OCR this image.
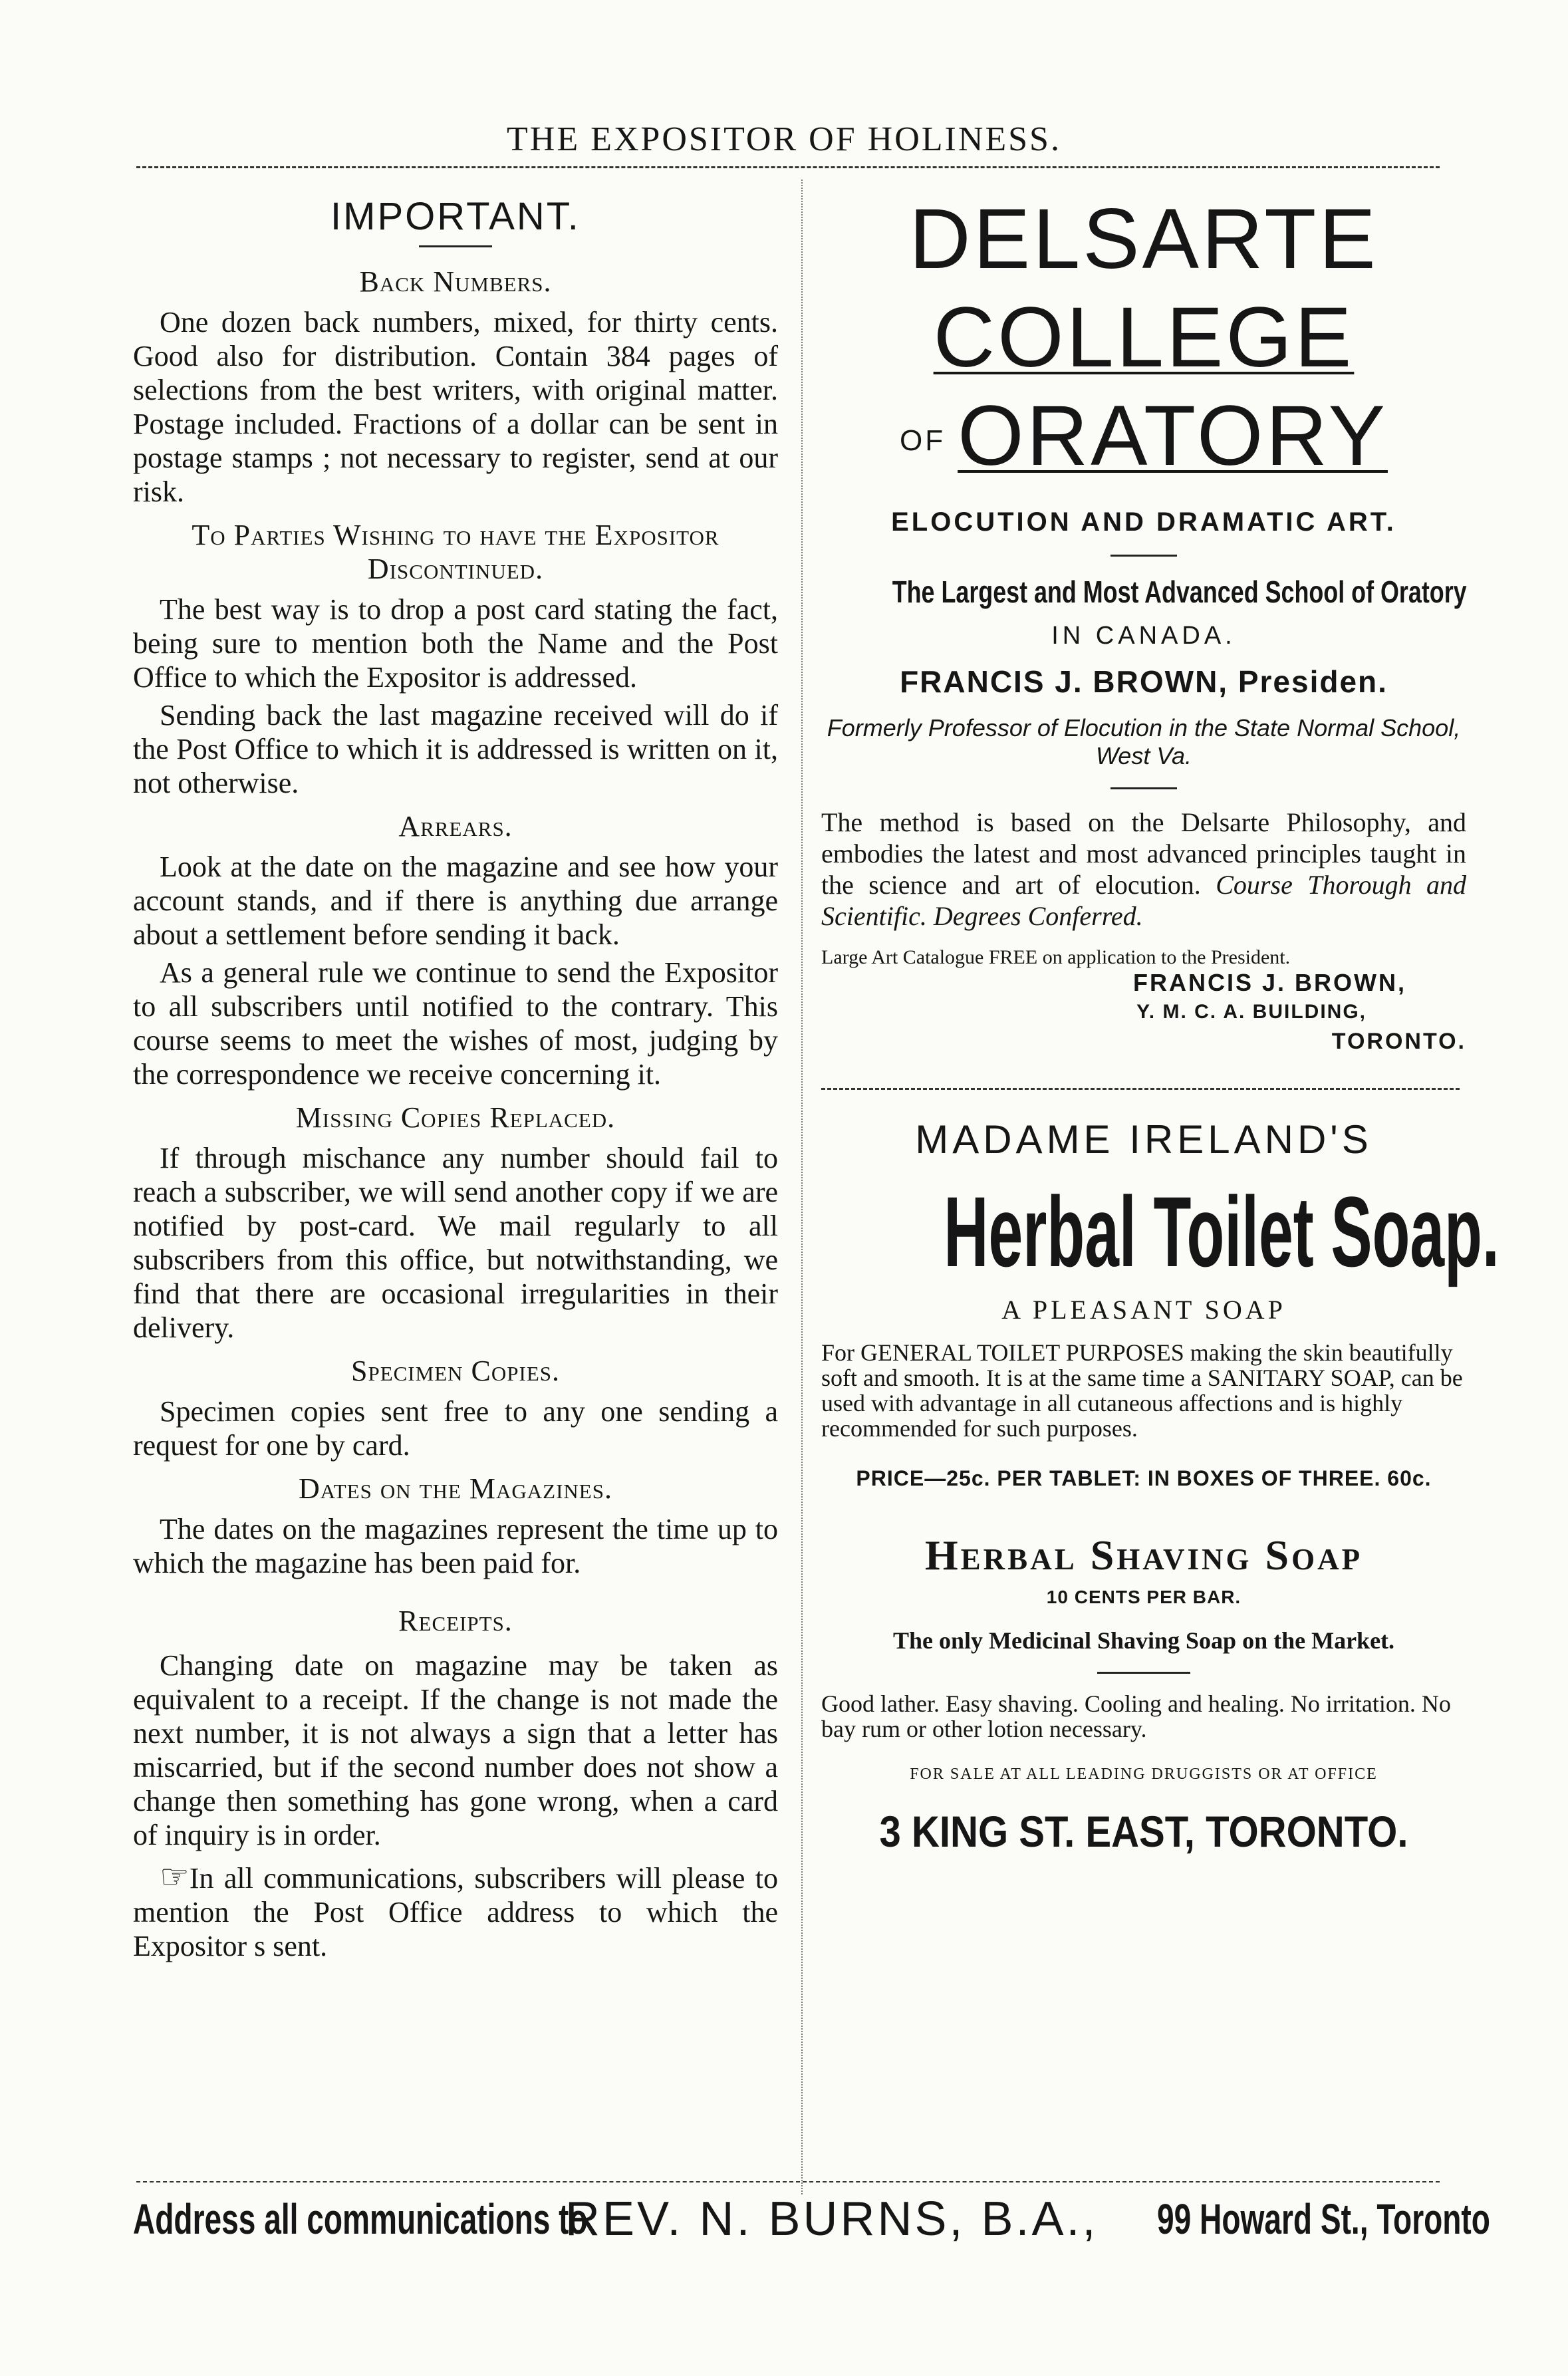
THE EXPOSITOR OF HOLINESS.
IMPORTANT.
Back Numbers.

One dozen back numbers, mixed, for thirty cents. Good also for distribution. Contain 384 pages of selections from the best writers, with original matter. Postage included. Fractions of a dollar can be sent in postage stamps ; not necessary to register, send at our risk.

To Parties Wishing to have the Expositor Discontinued.

The best way is to drop a post card stating the fact, being sure to mention both the Name and the Post Office to which the Expositor is addressed.

Sending back the last magazine received will do if the Post Office to which it is addressed is written on it, not otherwise.

Arrears.

Look at the date on the magazine and see how your account stands, and if there is anything due arrange about a settlement before sending it back.

As a general rule we continue to send the Expositor to all subscribers until notified to the contrary. This course seems to meet the wishes of most, judging by the correspondence we receive concerning it.

Missing Copies Replaced.

If through mischance any number should fail to reach a subscriber, we will send another copy if we are notified by post-card. We mail regularly to all subscribers from this office, but notwithstanding, we find that there are occasional irregularities in their delivery.

Specimen Copies.

Specimen copies sent free to any one sending a request for one by card.

Dates on the Magazines.

The dates on the magazines represent the time up to which the magazine has been paid for.

Receipts.

Changing date on magazine may be taken as equivalent to a receipt. If the change is not made the next number, it is not always a sign that a letter has miscarried, but if the second number does not show a change then something has gone wrong, when a card of inquiry is in order.

☞In all communications, subscribers will please to mention the Post Office address to which the Expositor s sent.

DELSARTE
COLLEGE
OF ORATORY
ELOCUTION AND DRAMATIC ART.
The Largest and Most Advanced School of Oratory
IN CANADA.
FRANCIS J. BROWN, Presiden.
Formerly Professor of Elocution in the State Normal School, West Va.
The method is based on the Delsarte Philosophy, and embodies the latest and most advanced principles taught in the science and art of elocution. Course Thorough and Scientific. Degrees Conferred.
Large Art Catalogue FREE on application to the President.
FRANCIS J. BROWN,
Y. M. C. A. BUILDING,
TORONTO.
MADAME IRELAND'S
Herbal Toilet Soap.
A PLEASANT SOAP
For GENERAL TOILET PURPOSES making the skin beautifully soft and smooth. It is at the same time a SANITARY SOAP, can be used with advantage in all cutaneous affections and is highly recommended for such purposes.
PRICE—25c. PER TABLET: IN BOXES OF THREE. 60c.
Herbal Shaving Soap
10 CENTS PER BAR.
The only Medicinal Shaving Soap on the Market.
Good lather. Easy shaving. Cooling and healing. No irritation. No bay rum or other lotion necessary.
FOR SALE AT ALL LEADING DRUGGISTS OR AT OFFICE
3 KING ST. EAST, TORONTO.
Address all communications to
REV. N. BURNS, B.A., 99 Howard St., Toronto
